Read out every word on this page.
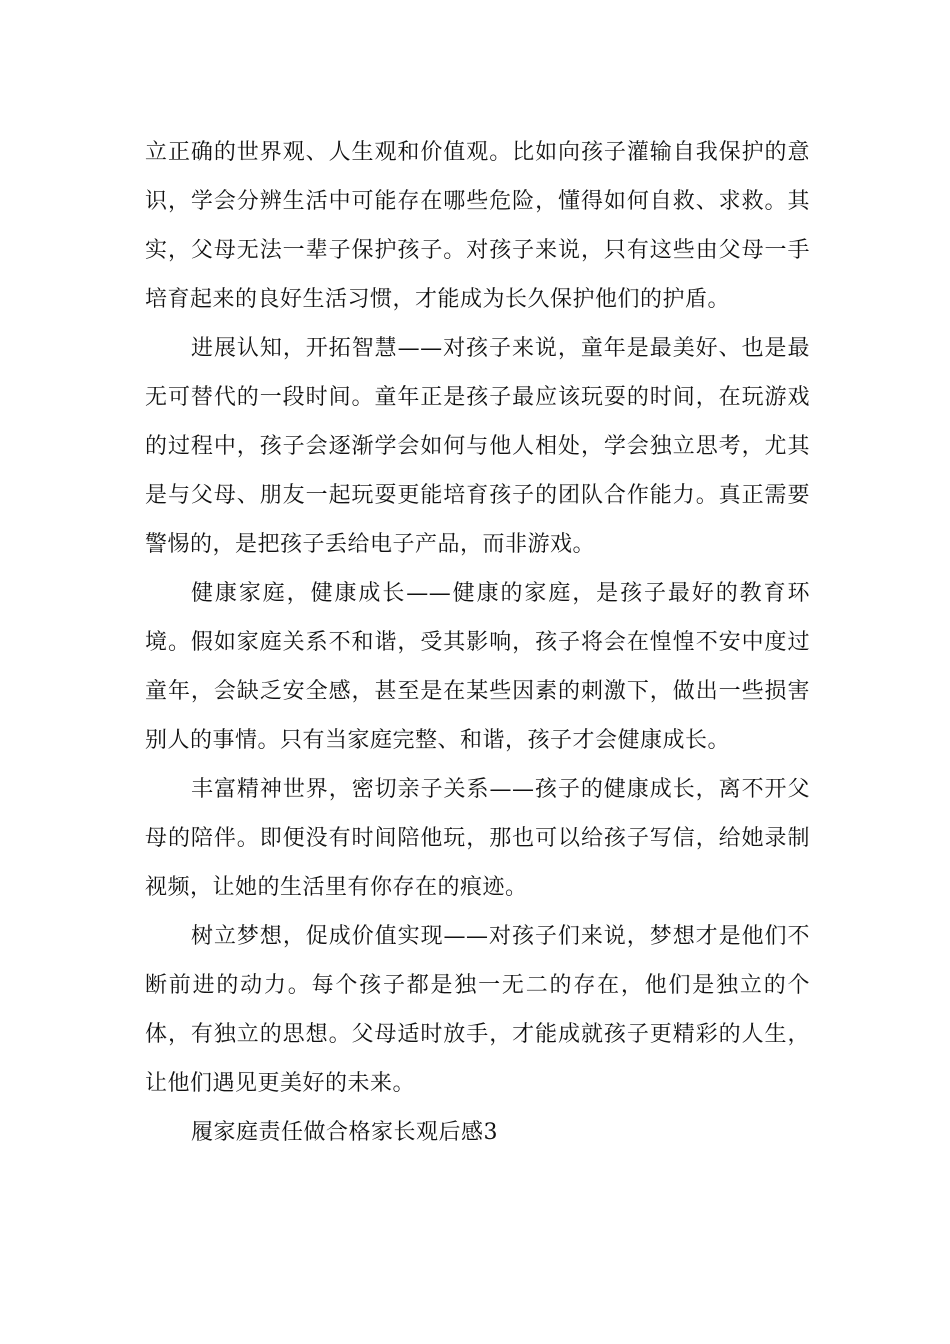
立正确的世界观、人生观和价值观。比如向孩子灌输自我保护的意识，学会分辨生活中可能存在哪些危险，懂得如何自救、求救。其实，父母无法一辈子保护孩子。对孩子来说，只有这些由父母一手培育起来的良好生活习惯，才能成为长久保护他们的护盾。

进展认知，开拓智慧——对孩子来说，童年是最美好、也是最无可替代的一段时间。童年正是孩子最应该玩耍的时间，在玩游戏的过程中，孩子会逐渐学会如何与他人相处，学会独立思考，尤其是与父母、朋友一起玩耍更能培育孩子的团队合作能力。真正需要警惕的，是把孩子丢给电子产品，而非游戏。

健康家庭，健康成长——健康的家庭，是孩子最好的教育环境。假如家庭关系不和谐，受其影响，孩子将会在惶惶不安中度过童年，会缺乏安全感，甚至是在某些因素的刺激下，做出一些损害别人的事情。只有当家庭完整、和谐，孩子才会健康成长。

丰富精神世界，密切亲子关系——孩子的健康成长，离不开父母的陪伴。即便没有时间陪他玩，那也可以给孩子写信，给她录制视频，让她的生活里有你存在的痕迹。

树立梦想，促成价值实现——对孩子们来说，梦想才是他们不断前进的动力。每个孩子都是独一无二的存在，他们是独立的个体，有独立的思想。父母适时放手，才能成就孩子更精彩的人生，让他们遇见更美好的未来。

履家庭责任做合格家长观后感3
